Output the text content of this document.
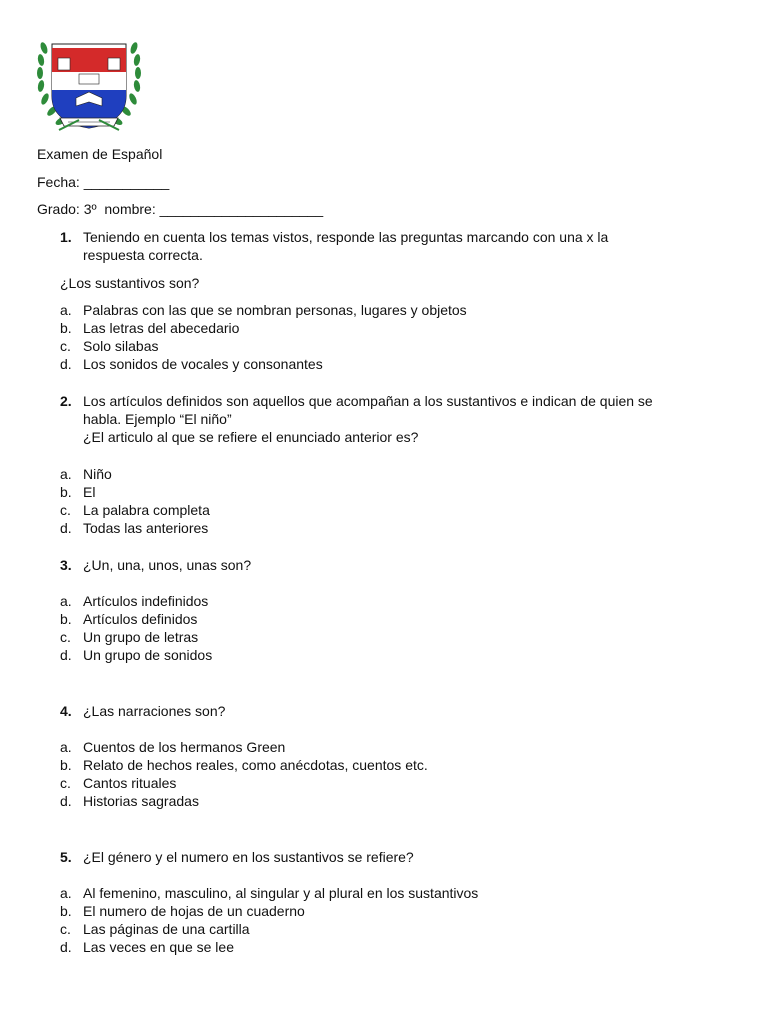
Examen de Español
Fecha: ___________
Grado: 3º  nombre: _____________________
1. Teniendo en cuenta los temas vistos, responde las preguntas marcando con una x la
respuesta correcta.
¿Los sustantivos son?
a. Palabras con las que se nombran personas, lugares y objetos
b. Las letras del abecedario
c. Solo silabas
d. Los sonidos de vocales y consonantes
2. Los artículos definidos son aquellos que acompañan a los sustantivos e indican de quien se
habla. Ejemplo “El niño”
¿El articulo al que se refiere el enunciado anterior es?
a. Niño
b. El
c. La palabra completa
d. Todas las anteriores
3. ¿Un, una, unos, unas son?
a. Artículos indefinidos
b. Artículos definidos
c. Un grupo de letras
d. Un grupo de sonidos
4. ¿Las narraciones son?
a. Cuentos de los hermanos Green
b. Relato de hechos reales, como anécdotas, cuentos etc.
c. Cantos rituales
d. Historias sagradas
5. ¿El género y el numero en los sustantivos se refiere?
a. Al femenino, masculino, al singular y al plural en los sustantivos
b. El numero de hojas de un cuaderno
c. Las páginas de una cartilla
d. Las veces en que se lee
